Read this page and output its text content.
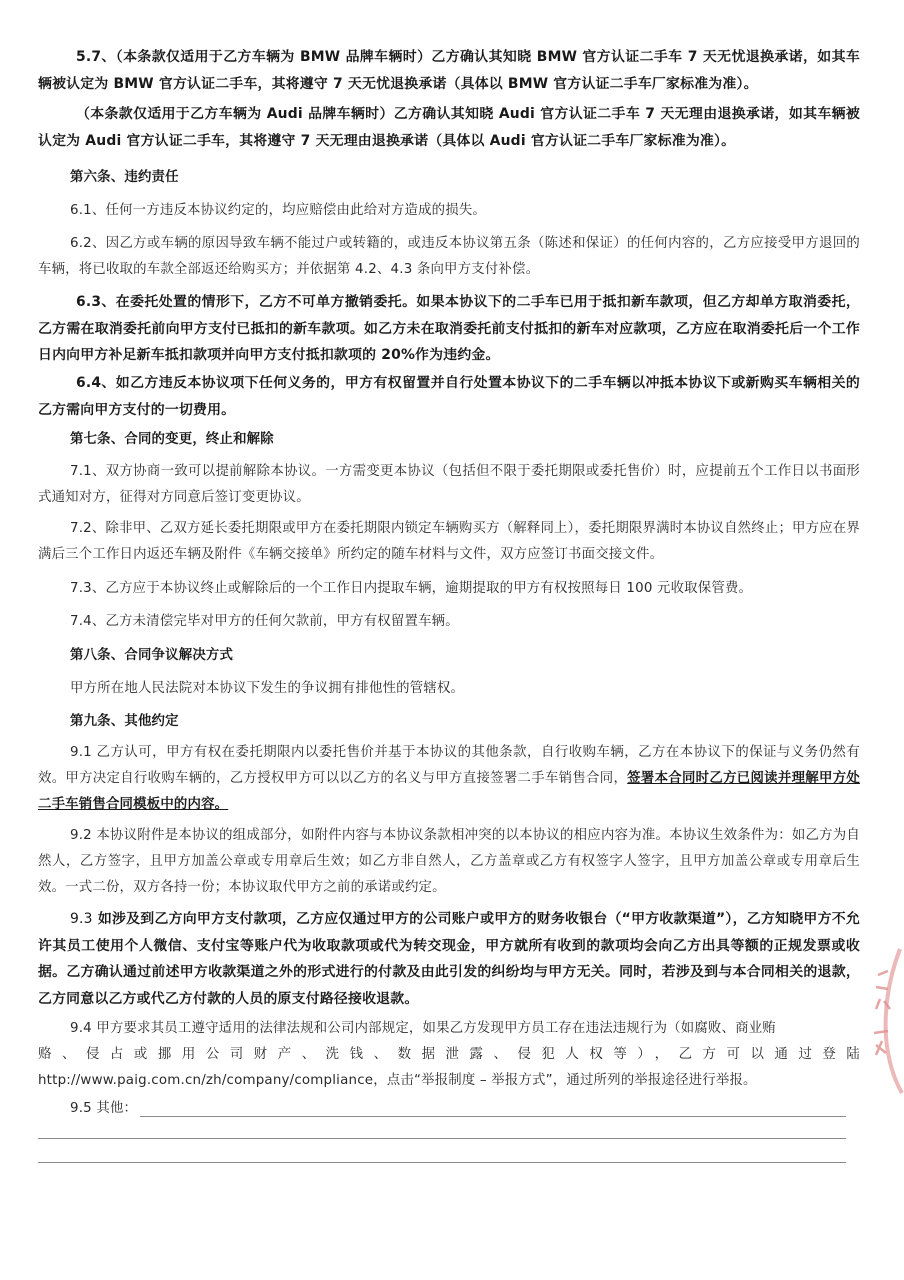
5.7、（本条款仅适用于乙方车辆为 BMW 品牌车辆时）乙方确认其知晓 BMW 官方认证二手车 7 天无忧退换承诺，如其车辆被认定为 BMW 官方认证二手车，其将遵守 7 天无忧退换承诺（具体以 BMW 官方认证二手车厂家标准为准）。

（本条款仅适用于乙方车辆为 Audi 品牌车辆时）乙方确认其知晓 Audi 官方认证二手车 7 天无理由退换承诺，如其车辆被认定为 Audi 官方认证二手车，其将遵守 7 天无理由退换承诺（具体以 Audi 官方认证二手车厂家标准为准）。

第六条、违约责任

6.1、任何一方违反本协议约定的，均应赔偿由此给对方造成的损失。

6.2、因乙方或车辆的原因导致车辆不能过户或转籍的，或违反本协议第五条（陈述和保证）的任何内容的，乙方应接受甲方退回的车辆，将已收取的车款全部返还给购买方；并依据第 4.2、4.3 条向甲方支付补偿。

6.3、在委托处置的情形下，乙方不可单方撤销委托。如果本协议下的二手车已用于抵扣新车款项，但乙方却单方取消委托，乙方需在取消委托前向甲方支付已抵扣的新车款项。如乙方未在取消委托前支付抵扣的新车对应款项，乙方应在取消委托后一个工作日内向甲方补足新车抵扣款项并向甲方支付抵扣款项的 20%作为违约金。

6.4、如乙方违反本协议项下任何义务的，甲方有权留置并自行处置本协议下的二手车辆以冲抵本协议下或新购买车辆相关的乙方需向甲方支付的一切费用。

第七条、合同的变更，终止和解除

7.1、双方协商一致可以提前解除本协议。一方需变更本协议（包括但不限于委托期限或委托售价）时，应提前五个工作日以书面形式通知对方，征得对方同意后签订变更协议。

7.2、除非甲、乙双方延长委托期限或甲方在委托期限内锁定车辆购买方（解释同上），委托期限界满时本协议自然终止；甲方应在界满后三个工作日内返还车辆及附件《车辆交接单》所约定的随车材料与文件，双方应签订书面交接文件。

7.3、乙方应于本协议终止或解除后的一个工作日内提取车辆，逾期提取的甲方有权按照每日 100 元收取保管费。

7.4、乙方未清偿完毕对甲方的任何欠款前，甲方有权留置车辆。

第八条、合同争议解决方式

甲方所在地人民法院对本协议下发生的争议拥有排他性的管辖权。

第九条、其他约定

9.1 乙方认可，甲方有权在委托期限内以委托售价并基于本协议的其他条款，自行收购车辆，乙方在本协议下的保证与义务仍然有效。甲方决定自行收购车辆的，乙方授权甲方可以以乙方的名义与甲方直接签署二手车销售合同，签署本合同时乙方已阅读并理解甲方处二手车销售合同模板中的内容。

9.2 本协议附件是本协议的组成部分，如附件内容与本协议条款相冲突的以本协议的相应内容为准。本协议生效条件为：如乙方为自然人，乙方签字，且甲方加盖公章或专用章后生效；如乙方非自然人，乙方盖章或乙方有权签字人签字，且甲方加盖公章或专用章后生效。一式二份，双方各持一份；本协议取代甲方之前的承诺或约定。

9.3 如涉及到乙方向甲方支付款项，乙方应仅通过甲方的公司账户或甲方的财务收银台（“甲方收款渠道”），乙方知晓甲方不允许其员工使用个人微信、支付宝等账户代为收取款项或代为转交现金，甲方就所有收到的款项均会向乙方出具等额的正规发票或收据。乙方确认通过前述甲方收款渠道之外的形式进行的付款及由此引发的纠纷均与甲方无关。同时，若涉及到与本合同相关的退款，乙方同意以乙方或代乙方付款的人员的原支付路径接收退款。

9.4 甲方要求其员工遵守适用的法律法规和公司内部规定，如果乙方发现甲方员工存在违法违规行为（如腐败、商业贿

赂、侵占或挪用公司财产、洗钱、数据泄露、侵犯人权等），乙方可以通过登陆

http://www.paig.com.cn/zh/company/compliance，点击“举报制度 – 举报方式”，通过所列的举报途径进行举报。

9.5 其他：
